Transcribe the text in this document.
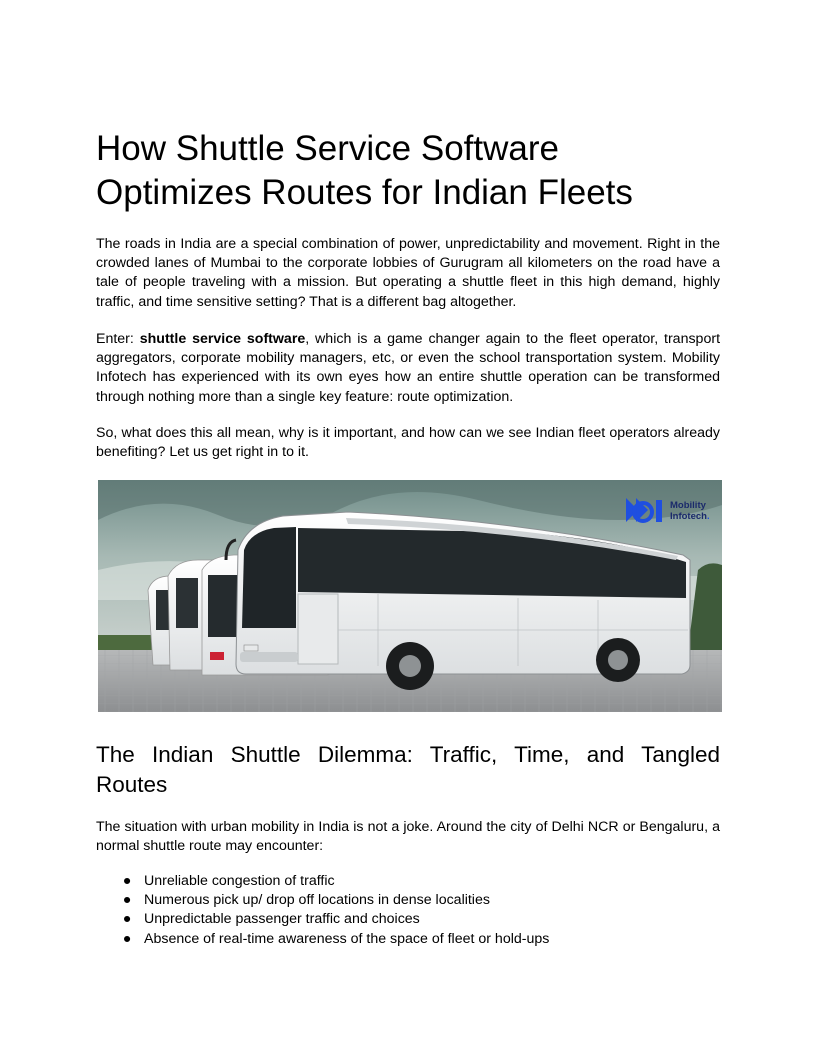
How Shuttle Service Software Optimizes Routes for Indian Fleets

The roads in India are a special combination of power, unpredictability and movement. Right in the crowded lanes of Mumbai to the corporate lobbies of Gurugram all kilometers on the road have a tale of people traveling with a mission. But operating a shuttle fleet in this high demand, highly traffic, and time sensitive setting? That is a different bag altogether.

Enter: shuttle service software, which is a game changer again to the fleet operator, transport aggregators, corporate mobility managers, etc, or even the school transportation system. Mobility Infotech has experienced with its own eyes how an entire shuttle operation can be transformed through nothing more than a single key feature: route optimization.

So, what does this all mean, why is it important, and how can we see Indian fleet operators already benefiting? Let us get right in to it.

Mobility
Infotech.
The Indian Shuttle Dilemma: Traffic, Time, and Tangled Routes

The situation with urban mobility in India is not a joke. Around the city of Delhi NCR or Bengaluru, a normal shuttle route may encounter:

● Unreliable congestion of traffic
● Numerous pick up/ drop off locations in dense localities
● Unpredictable passenger traffic and choices
● Absence of real-time awareness of the space of fleet or hold-ups
